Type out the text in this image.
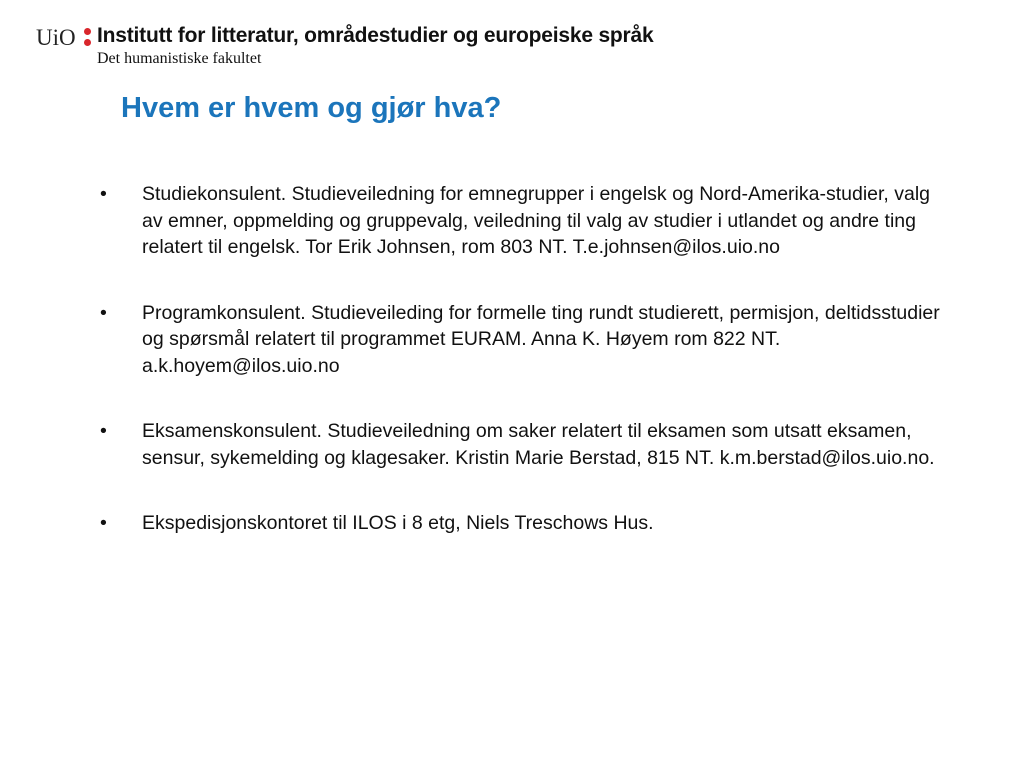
UiO Institutt for litteratur, områdestudier og europeiske språk
Det humanistiske fakultet
Hvem er hvem og gjør hva?
• Studiekonsulent. Studieveiledning for emnegrupper i engelsk og Nord-Amerika-studier, valg av emner, oppmelding og gruppevalg, veiledning til valg av studier i utlandet og andre ting relatert til engelsk. Tor Erik Johnsen, rom 803 NT. T.e.johnsen@ilos.uio.no
• Programkonsulent. Studieveileding for formelle ting rundt studierett, permisjon, deltidsstudier og spørsmål relatert til programmet EURAM. Anna K. Høyem rom 822 NT. a.k.hoyem@ilos.uio.no
• Eksamenskonsulent. Studieveiledning om saker relatert til eksamen som utsatt eksamen, sensur, sykemelding og klagesaker. Kristin Marie Berstad, 815 NT. k.m.berstad@ilos.uio.no.
• Ekspedisjonskontoret til ILOS i 8 etg, Niels Treschows Hus.
